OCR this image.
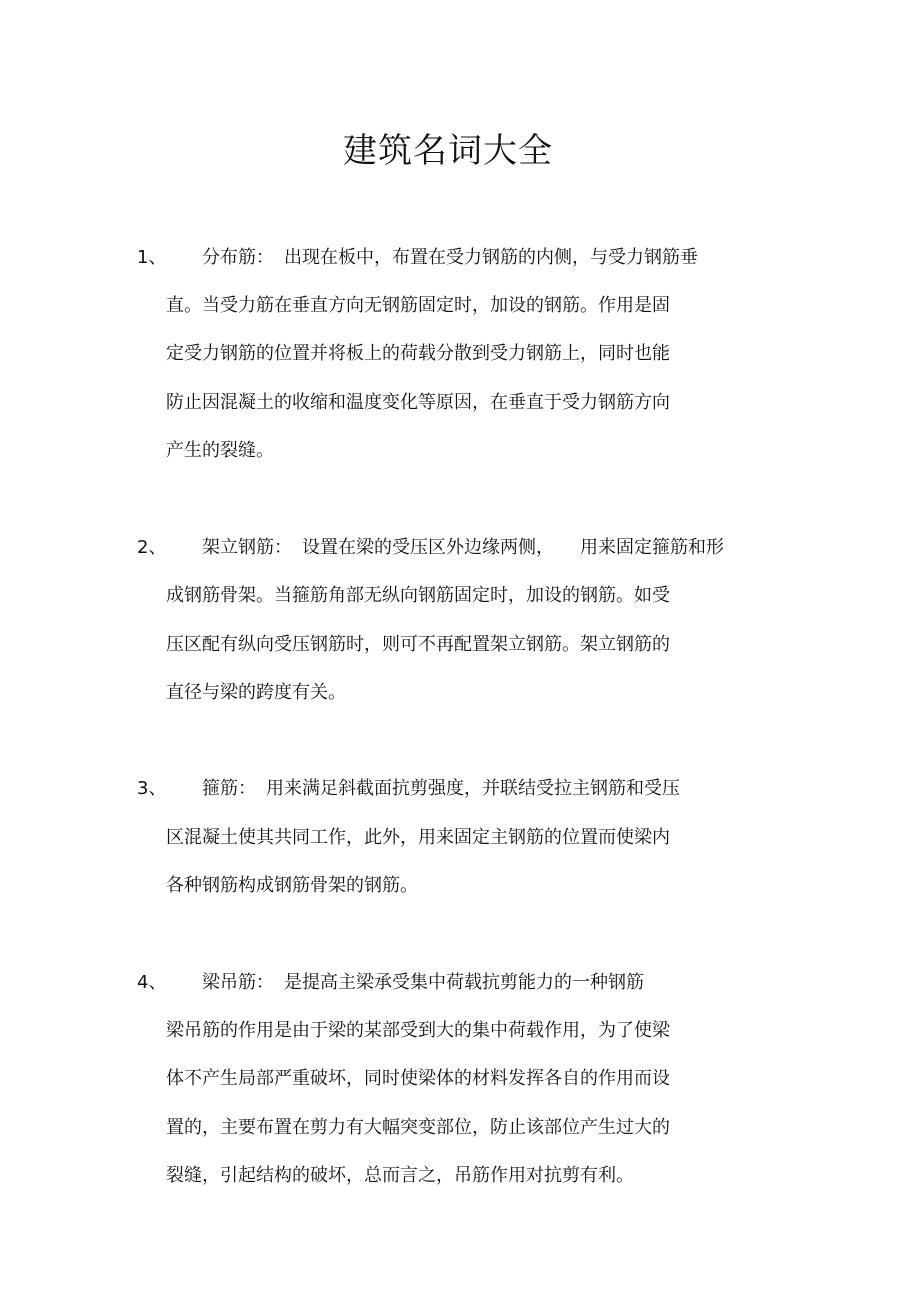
建筑名词大全
1、 分布筋： 出现在板中，布置在受力钢筋的内侧，与受力钢筋垂
直。当受力筋在垂直方向无钢筋固定时，加设的钢筋。作用是固
定受力钢筋的位置并将板上的荷载分散到受力钢筋上，同时也能
防止因混凝土的收缩和温度变化等原因，在垂直于受力钢筋方向
产生的裂缝。
2、 架立钢筋： 设置在梁的受压区外边缘两侧， 用来固定箍筋和形
成钢筋骨架。当箍筋角部无纵向钢筋固定时，加设的钢筋。如受
压区配有纵向受压钢筋时，则可不再配置架立钢筋。架立钢筋的
直径与梁的跨度有关。
3、 箍筋： 用来满足斜截面抗剪强度，并联结受拉主钢筋和受压
区混凝土使其共同工作，此外，用来固定主钢筋的位置而使梁内
各种钢筋构成钢筋骨架的钢筋。
4、 梁吊筋： 是提高主梁承受集中荷载抗剪能力的一种钢筋
梁吊筋的作用是由于梁的某部受到大的集中荷载作用，为了使梁
体不产生局部严重破坏，同时使梁体的材料发挥各自的作用而设
置的，主要布置在剪力有大幅突变部位，防止该部位产生过大的
裂缝，引起结构的破坏，总而言之，吊筋作用对抗剪有利。
